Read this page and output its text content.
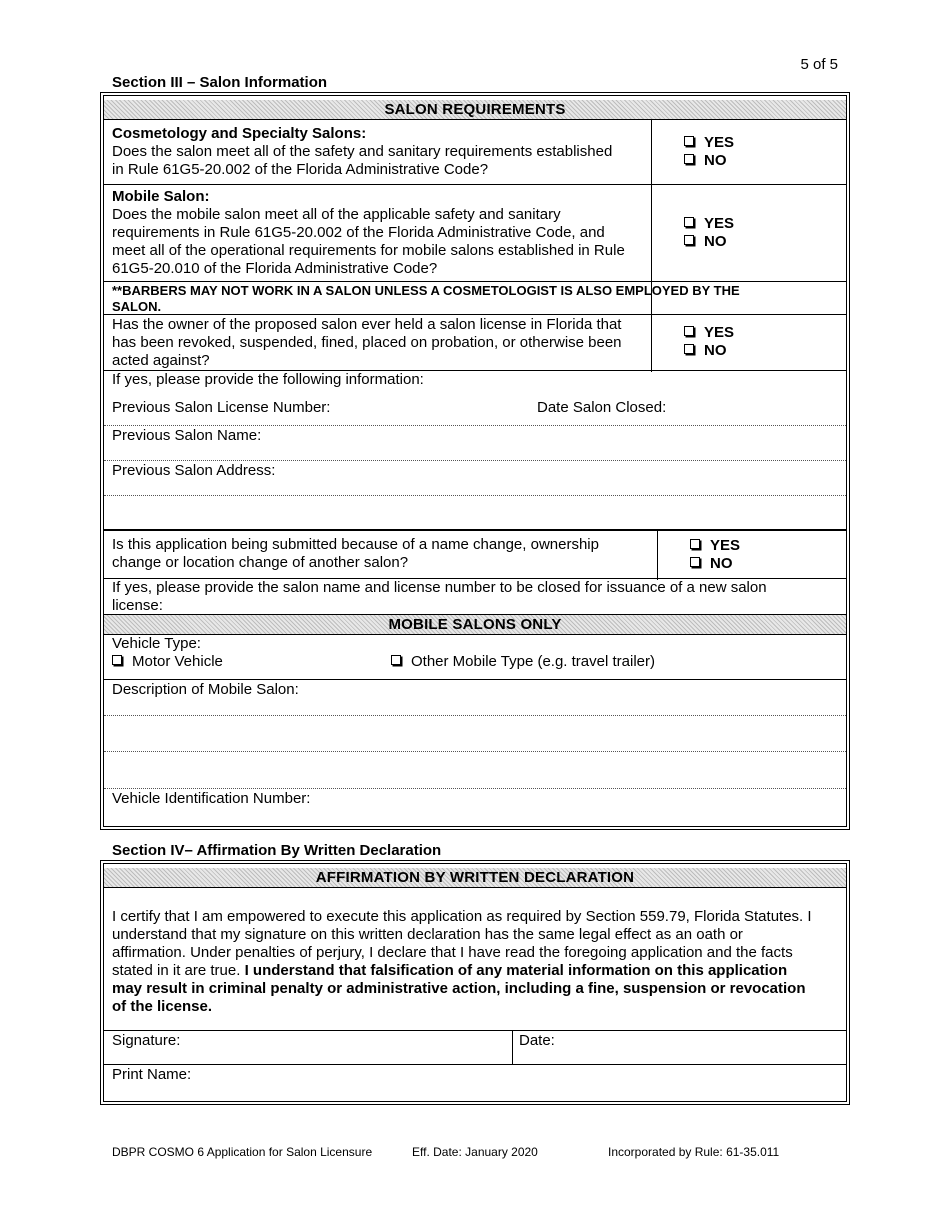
5 of 5
Section III – Salon Information
SALON REQUIREMENTS
Cosmetology and Specialty Salons:
Does the salon meet all of the safety and sanitary requirements established
in Rule 61G5-20.002 of the Florida Administrative Code?
YES
NO
Mobile Salon:
Does the mobile salon meet all of the applicable safety and sanitary
requirements in Rule 61G5-20.002 of the Florida Administrative Code, and
meet all of the operational requirements for mobile salons established in Rule
61G5-20.010 of the Florida Administrative Code?
YES
NO
**BARBERS MAY NOT WORK IN A SALON UNLESS A COSMETOLOGIST IS ALSO EMPLOYED BY THE
SALON.
Has the owner of the proposed salon ever held a salon license in Florida that
has been revoked, suspended, fined, placed on probation, or otherwise been
acted against?
YES
NO
If yes, please provide the following information:
Previous Salon License Number:	Date Salon Closed:
Previous Salon Name:
Previous Salon Address:
Is this application being submitted because of a name change, ownership
change or location change of another salon?
YES
NO
If yes, please provide the salon name and license number to be closed for issuance of a new salon
license:
MOBILE SALONS ONLY
Vehicle Type:
Motor Vehicle	Other Mobile Type (e.g. travel trailer)
Description of Mobile Salon:
Vehicle Identification Number:
Section IV– Affirmation By Written Declaration
AFFIRMATION BY WRITTEN DECLARATION
I certify that I am empowered to execute this application as required by Section 559.79, Florida Statutes. I
understand that my signature on this written declaration has the same legal effect as an oath or
affirmation. Under penalties of perjury, I declare that I have read the foregoing application and the facts
stated in it are true. I understand that falsification of any material information on this application
may result in criminal penalty or administrative action, including a fine, suspension or revocation
of the license.
Signature:	Date:
Print Name:
DBPR COSMO 6 Application for Salon Licensure	Eff. Date: January 2020	Incorporated by Rule: 61-35.011
